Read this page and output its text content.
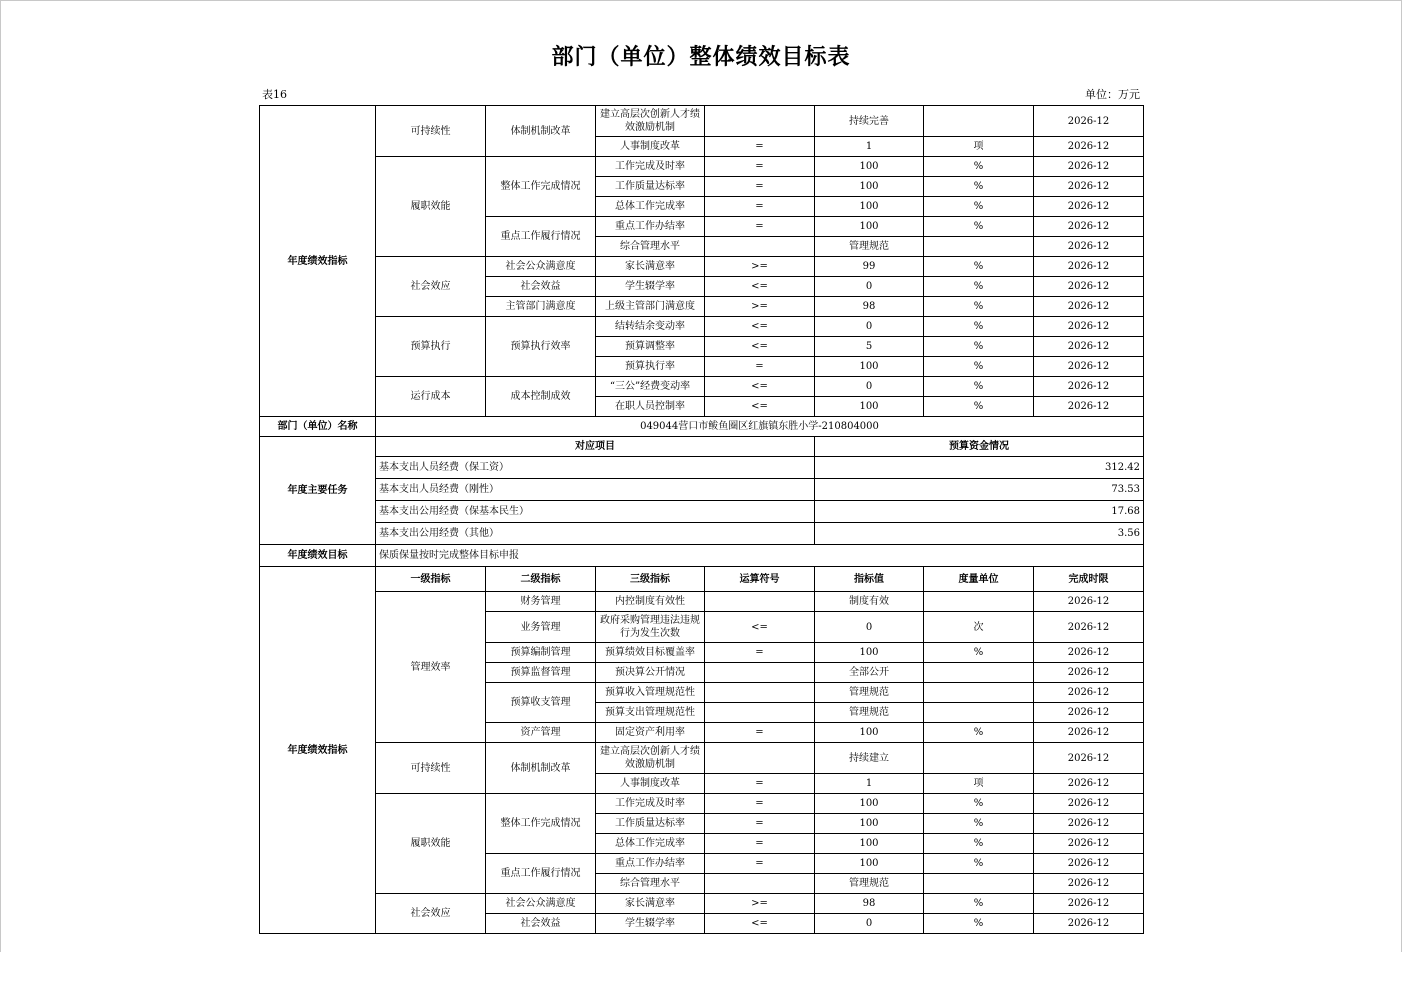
部门（单位）整体绩效目标表
表16	单位：万元
年度绩效指标	可持续性	体制机制改革	建立高层次创新人才绩效激励机制		持续完善		2026-12
			人事制度改革	=	1	项	2026-12
	履职效能	整体工作完成情况	工作完成及时率	=	100	%	2026-12
			工作质量达标率	=	100	%	2026-12
			总体工作完成率	=	100	%	2026-12
		重点工作履行情况	重点工作办结率	=	100	%	2026-12
			综合管理水平		管理规范		2026-12
	社会效应	社会公众满意度	家长满意率	>=	99	%	2026-12
		社会效益	学生辍学率	<=	0	%	2026-12
		主管部门满意度	上级主管部门满意度	>=	98	%	2026-12
	预算执行	预算执行效率	结转结余变动率	<=	0	%	2026-12
			预算调整率	<=	5	%	2026-12
			预算执行率	=	100	%	2026-12
	运行成本	成本控制成效	“三公”经费变动率	<=	0	%	2026-12
			在职人员控制率	<=	100	%	2026-12
部门（单位）名称	049044营口市鲅鱼圈区红旗镇东胜小学-210804000						
年度主要任务	对应项目				预算资金情况		
	基本支出人员经费（保工资）				312.42		
	基本支出人员经费（刚性）				73.53		
	基本支出公用经费（保基本民生）				17.68		
	基本支出公用经费（其他）				3.56		
年度绩效目标	保质保量按时完成整体目标申报						
年度绩效指标	一级指标	二级指标	三级指标	运算符号	指标值	度量单位	完成时限
	管理效率	财务管理	内控制度有效性		制度有效		2026-12
		业务管理	政府采购管理违法违规行为发生次数	<=	0	次	2026-12
		预算编制管理	预算绩效目标覆盖率	=	100	%	2026-12
		预算监督管理	预决算公开情况		全部公开		2026-12
		预算收支管理	预算收入管理规范性		管理规范		2026-12
			预算支出管理规范性		管理规范		2026-12
		资产管理	固定资产利用率	=	100	%	2026-12
	可持续性	体制机制改革	建立高层次创新人才绩效激励机制		持续建立		2026-12
			人事制度改革	=	1	项	2026-12
	履职效能	整体工作完成情况	工作完成及时率	=	100	%	2026-12
			工作质量达标率	=	100	%	2026-12
			总体工作完成率	=	100	%	2026-12
		重点工作履行情况	重点工作办结率	=	100	%	2026-12
			综合管理水平		管理规范		2026-12
	社会效应	社会公众满意度	家长满意率	>=	98	%	2026-12
		社会效益	学生辍学率	<=	0	%	2026-12
